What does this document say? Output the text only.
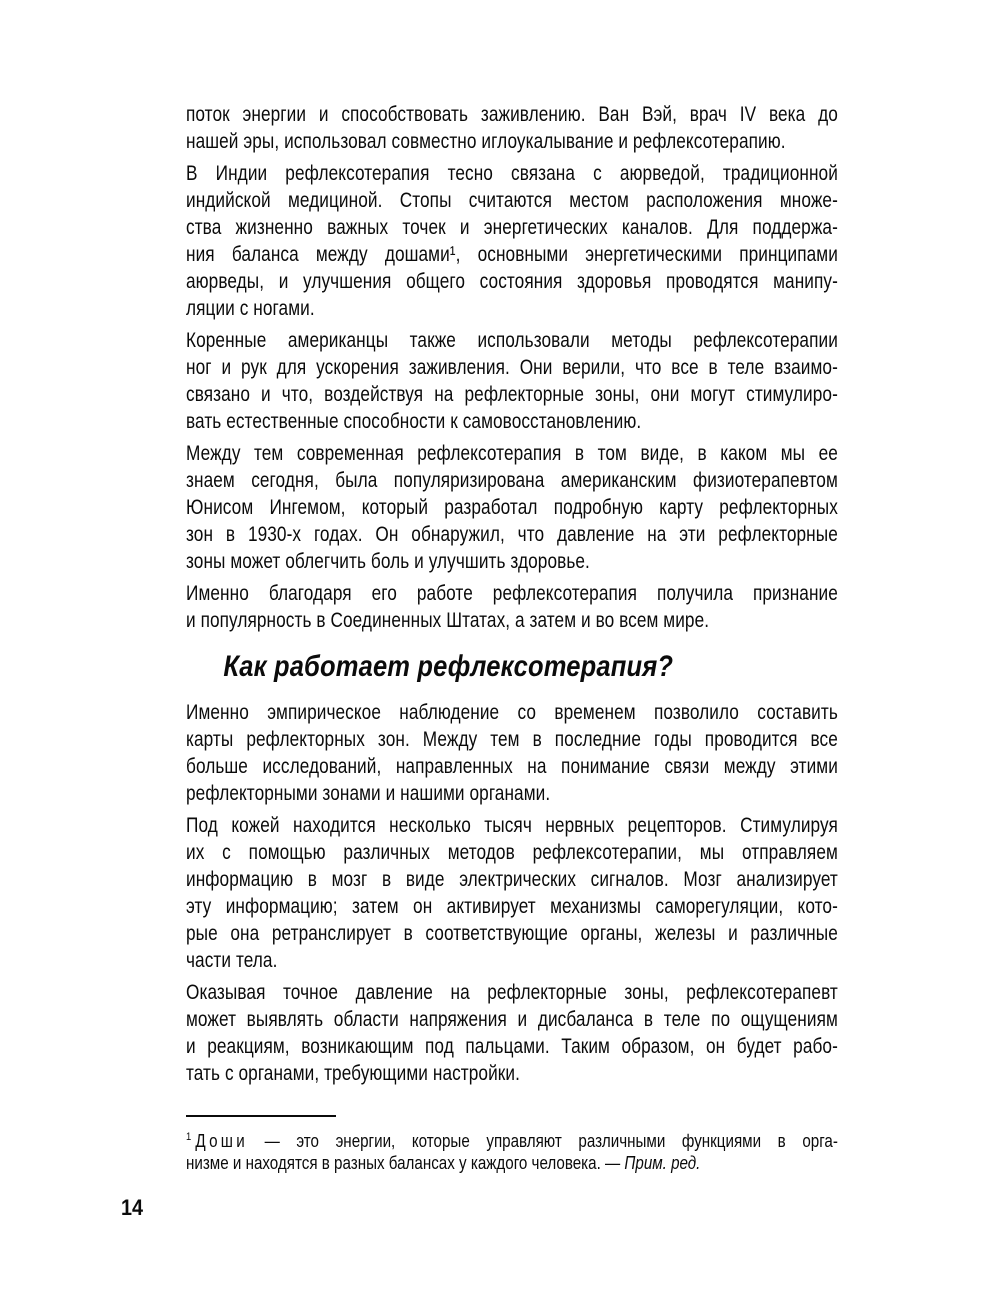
поток энергии и способствовать заживлению. Ван Вэй, врач IV века до
нашей эры, использовал совместно иглоукалывание и рефлексотерапию.
В Индии рефлексотерапия тесно связана с аюрведой, традиционной
индийской медициной. Стопы считаются местом расположения множе-
ства жизненно важных точек и энергетических каналов. Для поддержа-
ния баланса между дошами¹, основными энергетическими принципами
аюрведы, и улучшения общего состояния здоровья проводятся манипу-
ляции с ногами.
Коренные американцы также использовали методы рефлексотерапии
ног и рук для ускорения заживления. Они верили, что все в теле взаимо-
связано и что, воздействуя на рефлекторные зоны, они могут стимулиро-
вать естественные способности к самовосстановлению.
Между тем современная рефлексотерапия в том виде, в каком мы ее
знаем сегодня, была популяризирована американским физиотерапевтом
Юнисом Ингемом, который разработал подробную карту рефлекторных
зон в 1930-х годах. Он обнаружил, что давление на эти рефлекторные
зоны может облегчить боль и улучшить здоровье.
Именно благодаря его работе рефлексотерапия получила признание
и популярность в Соединенных Штатах, а затем и во всем мире.
Как работает рефлексотерапия?
Именно эмпирическое наблюдение со временем позволило составить
карты рефлекторных зон. Между тем в последние годы проводится все
больше исследований, направленных на понимание связи между этими
рефлекторными зонами и нашими органами.
Под кожей находится несколько тысяч нервных рецепторов. Стимулируя
их с помощью различных методов рефлексотерапии, мы отправляем
информацию в мозг в виде электрических сигналов. Мозг анализирует
эту информацию; затем он активирует механизмы саморегуляции, кото-
рые она ретранслирует в соответствующие органы, железы и различные
части тела.
Оказывая точное давление на рефлекторные зоны, рефлексотерапевт
может выявлять области напряжения и дисбаланса в теле по ощущениям
и реакциям, возникающим под пальцами. Таким образом, он будет рабо-
тать с органами, требующими настройки.
$^1$ Доши — это энергии, которые управляют различными функциями в орга-
низме и находятся в разных балансах у каждого человека. — Прим. ред.
14
